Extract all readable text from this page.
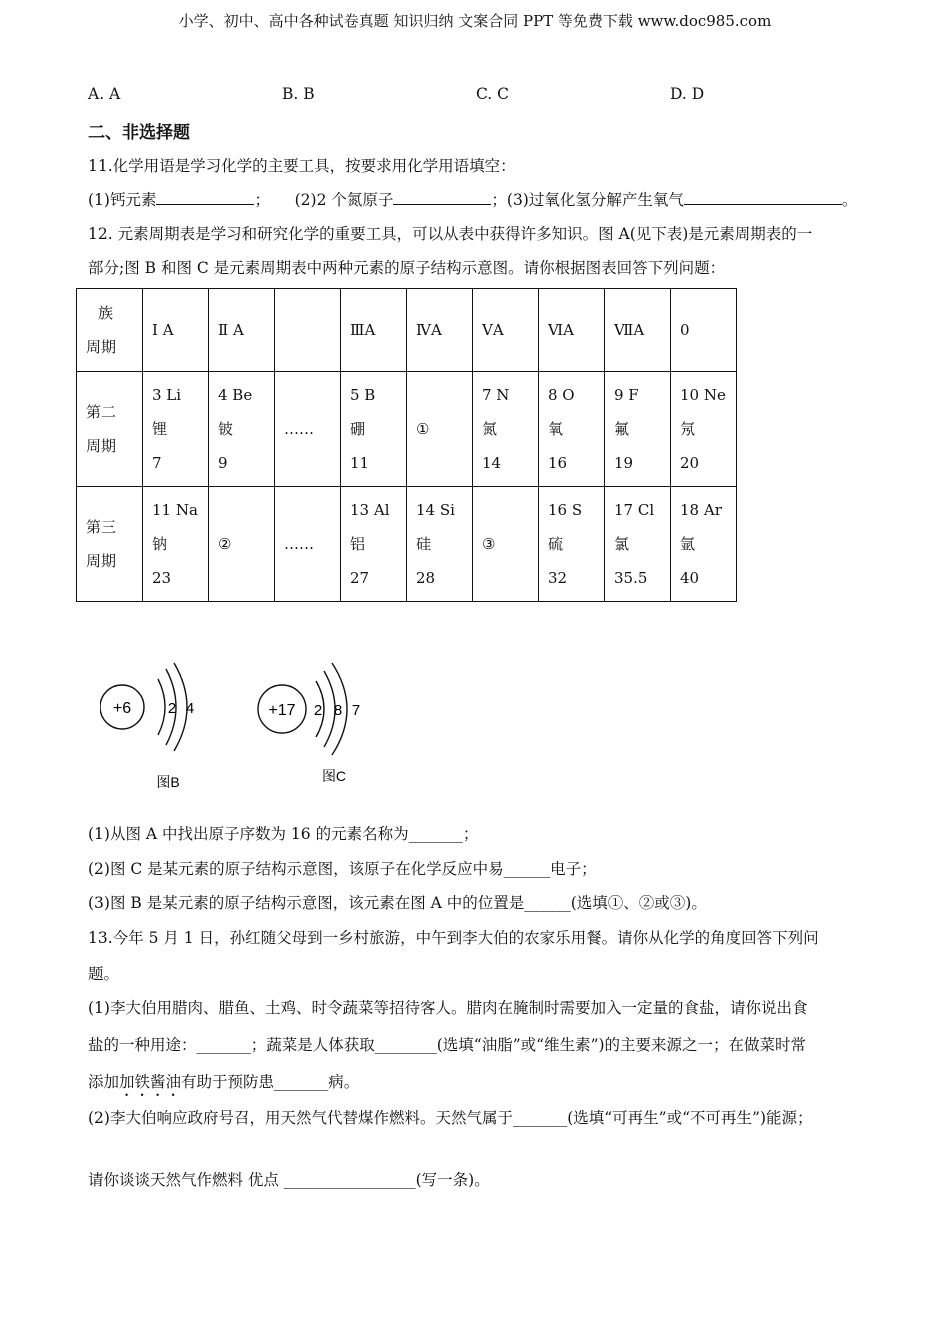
小学、初中、高中各种试卷真题 知识归纳 文案合同 PPT 等免费下载 www.doc985.com
A. A	B. B	C. C	D. D
二、非选择题
11.化学用语是学习化学的主要工具，按要求用化学用语填空：
(1)钙元素	； (2)2 个氮原子	；(3)过氧化氢分解产生氧气	。
12. 元素周期表是学习和研究化学的重要工具，可以从表中获得许多知识。图 A(见下表)是元素周期表的一
部分;图 B 和图 C 是元素周期表中两种元素的原子结构示意图。请你根据图表回答下列问题：
族
周期	Ⅰ A	Ⅱ A		ⅢA	ⅣA	ⅤA	ⅥA	ⅦA	0

第二
周期	3 Li
锂
7	4 Be
铍
9	……	5 B
硼
11	①	7 N
氮
14	8 O
氧
16	9 F
氟
19	10 Ne
氖
20

第三
周期	11 Na
钠
23	②	……	13 Al
铝
27	14 Si
硅
28	③	16 S
硫
32	17 Cl
氯
35.5	18 Ar
氩
40
+6 2 4
图B
+17 2 8 7
图C
(1)从图 A 中找出原子序数为 16 的元素名称为_______；
(2)图 C 是某元素的原子结构示意图，该原子在化学反应中易______电子；
(3)图 B 是某元素的原子结构示意图，该元素在图 A 中的位置是______(选填①、②或③)。
13.今年 5 月 1 日，孙红随父母到一乡村旅游，中午到李大伯的农家乐用餐。请你从化学的角度回答下列问
题。
(1)李大伯用腊肉、腊鱼、土鸡、时令蔬菜等招待客人。腊肉在腌制时需要加入一定量的食盐，请你说出食
盐的一种用途：_______；蔬菜是人体获取________(选填“油脂”或“维生素”)的主要来源之一；在做菜时常
添加加铁酱油有助于预防患_______病。
(2)李大伯响应政府号召，用天然气代替煤作燃料。天然气属于_______(选填“可再生”或“不可再生”)能源；
请你谈谈天然气作燃料 优点 _________________(写一条)。
